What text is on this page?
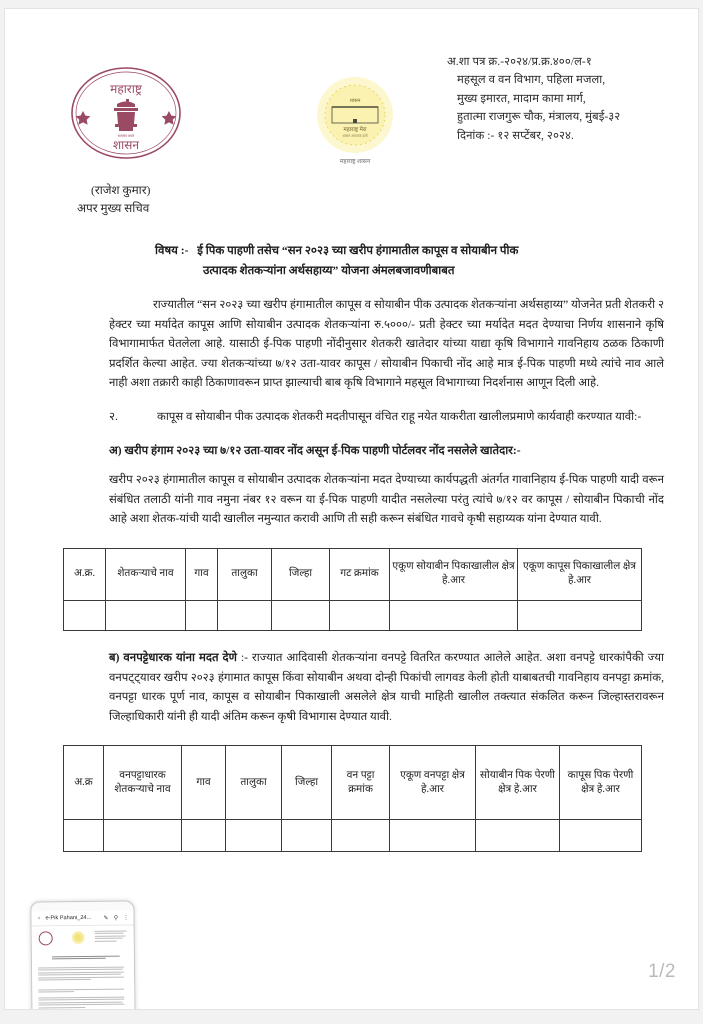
महाराष्ट्र
शासन
सत्यमेव जयते
शासन
महाराष्ट्र मेरा
शासन आपल्या दारी
महाराष्ट्र शासन
अ.शा पत्र क्र.-२०२४/प्र.क्र.४००/ल-१
महसूल व वन विभाग, पहिला मजला,
मुख्य इमारत, मादाम कामा मार्ग,
हुतात्मा राजगुरू चौक, मंत्रालय, मुंबई-३२
दिनांक :- १२ सप्टेंबर, २०२४.
(राजेश कुमार)
अपर मुख्य सचिव
विषय :- ई पिक पाहणी तसेच “सन २०२३ च्या खरीप हंगामातील कापूस व सोयाबीन पीक
उत्पादक शेतकऱ्यांना अर्थसहाय्य” योजना अंमलबजावणीबाबत

राज्यातील “सन २०२३ च्या खरीप हंगामातील कापूस व सोयाबीन पीक उत्पादक शेतकऱ्यांना अर्थसहाय्य” योजनेत प्रती शेतकरी २ हेक्टर च्या मर्यादेत कापूस आणि सोयाबीन उत्पादक शेतकऱ्यांना रु.५०००/- प्रती हेक्टर च्या मर्यादेत मदत देण्याचा निर्णय शासनाने कृषि विभागामार्फत घेतलेला आहे. यासाठी ई-पिक पाहणी नोंदीनुसार शेतकरी खातेदार यांच्या याद्या कृषि विभागाने गावनिहाय ठळक ठिकाणी प्रदर्शित केल्या आहेत. ज्या शेतकऱ्यांच्या ७/१२ उता-यावर कापूस / सोयाबीन पिकाची नोंद आहे मात्र ई-पिक पाहणी मध्ये त्यांचे नाव आले नाही अशा तक्रारी काही ठिकाणावरून प्राप्त झाल्याची बाब कृषि विभागाने महसूल विभागाच्या निदर्शनास आणून दिली आहे.

२.	कापूस व सोयाबीन पीक उत्पादक शेतकरी मदतीपासून वंचित राहू नयेत याकरीता खालीलप्रमाणे कार्यवाही करण्यात यावी:-

अ) खरीप हंगाम २०२३ च्या ७/१२ उता-यावर नोंद असून ई-पिक पाहणी पोर्टलवर नोंद नसलेले खातेदार:-

खरीप २०२३ हंगामातील कापूस व सोयाबीन उत्पादक शेतकऱ्यांना मदत देण्याच्या कार्यपद्धती अंतर्गत गावानिहाय ई-पिक पाहणी यादी वरून संबंधित तलाठी यांनी गाव नमुना नंबर १२ वरून या ई-पिक पाहणी यादीत नसलेल्या परंतु त्यांचे ७/१२ वर कापूस / सोयाबीन पिकाची नोंद आहे अशा शेतक-यांची यादी खालील नमुन्यात करावी आणि ती सही करून संबंधित गावचे कृषी सहाय्यक यांना देण्यात यावी.

अ.क्र.	शेतकऱ्याचे नाव	गाव	तालुका	जिल्हा	गट क्रमांक	एकूण सोयाबीन पिकाखालील क्षेत्र हे.आर	एकूण कापूस पिकाखालील क्षेत्र हे.आर

ब) वनपट्टेधारक यांना मदत देणे :- राज्यात आदिवासी शेतकऱ्यांना वनपट्टे वितरित करण्यात आलेले आहेत. अशा वनपट्टे धारकांपैकी ज्या वनपट्ट्यावर खरीप २०२३ हंगामात कापूस किंवा सोयाबीन अथवा दोन्ही पिकांची लागवड केली होती याबाबतची गावनिहाय वनपट्टा क्रमांक, वनपट्टा धारक पूर्ण नाव, कापूस व सोयाबीन पिकाखाली असलेले क्षेत्र याची माहिती खालील तक्त्यात संकलित करून जिल्हास्तरावरून जिल्हाधिकारी यांनी ही यादी अंतिम करून कृषी विभागास देण्यात यावी.

अ.क्र	वनपट्टाधारक शेतकऱ्याचे नाव	गाव	तालुका	जिल्हा	वन पट्टा क्रमांक	एकूण वनपट्टा क्षेत्र हे.आर	सोयाबीन पिक पेरणी क्षेत्र हे.आर	कापूस पिक पेरणी क्षेत्र हे.आर

‹ e-Pik Pahani_24...	✎ ⚲ ⋮
1/2
